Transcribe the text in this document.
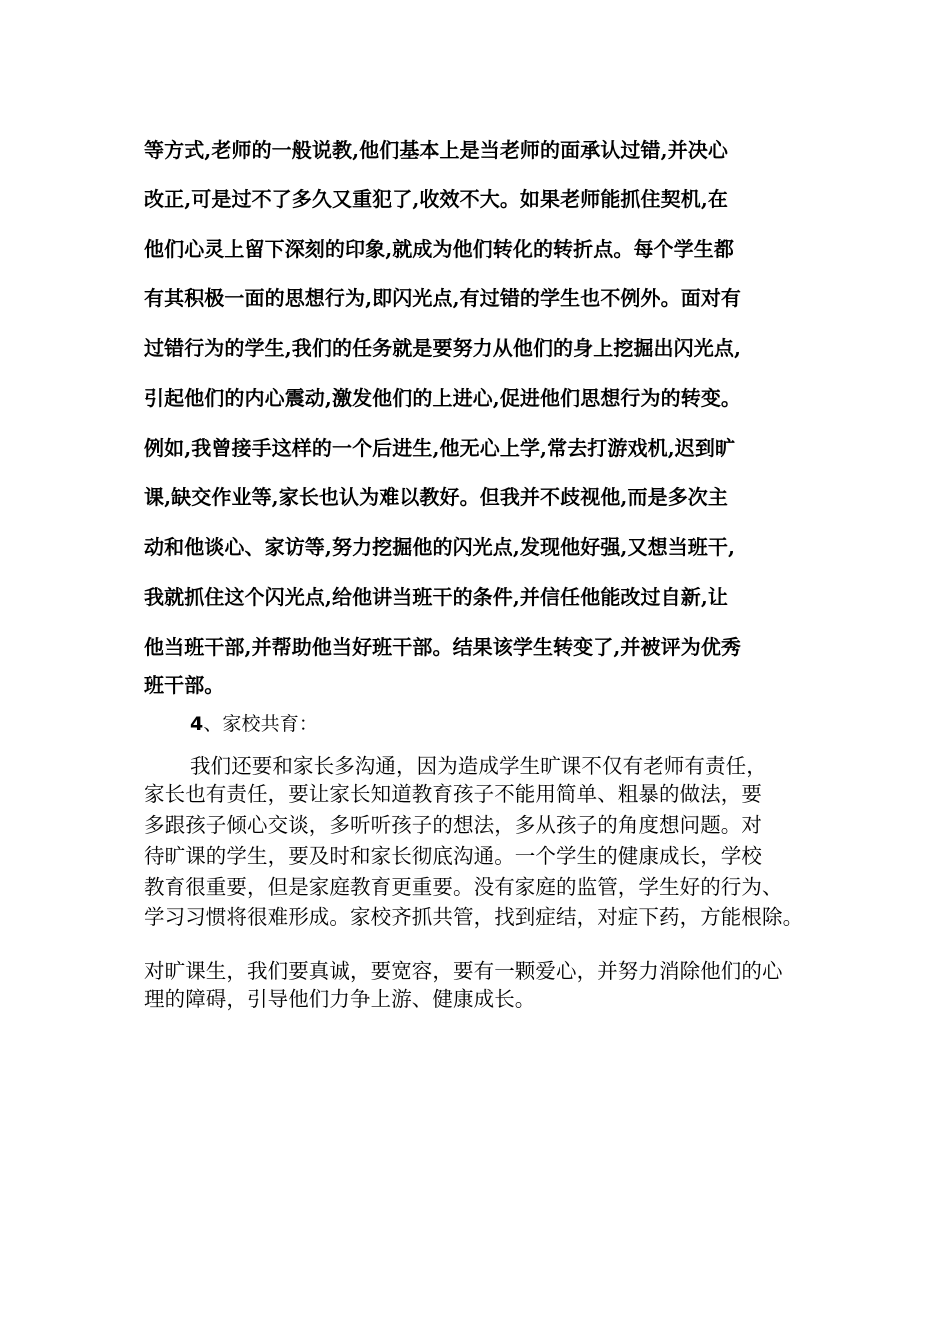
等方式,老师的一般说教,他们基本上是当老师的面承认过错,并决心
改正,可是过不了多久又重犯了,收效不大。如果老师能抓住契机,在
他们心灵上留下深刻的印象,就成为他们转化的转折点。每个学生都
有其积极一面的思想行为,即闪光点,有过错的学生也不例外。面对有
过错行为的学生,我们的任务就是要努力从他们的身上挖掘出闪光点,
引起他们的内心震动,激发他们的上进心,促进他们思想行为的转变。
例如,我曾接手这样的一个后进生,他无心上学,常去打游戏机,迟到旷
课,缺交作业等,家长也认为难以教好。但我并不歧视他,而是多次主
动和他谈心、家访等,努力挖掘他的闪光点,发现他好强,又想当班干,
我就抓住这个闪光点,给他讲当班干的条件,并信任他能改过自新,让
他当班干部,并帮助他当好班干部。结果该学生转变了,并被评为优秀
班干部。
4、家校共育：
我们还要和家长多沟通，因为造成学生旷课不仅有老师有责任，
家长也有责任，要让家长知道教育孩子不能用简单、粗暴的做法，要
多跟孩子倾心交谈，多听听孩子的想法，多从孩子的角度想问题。对
待旷课的学生，要及时和家长彻底沟通。一个学生的健康成长，学校
教育很重要，但是家庭教育更重要。没有家庭的监管，学生好的行为、
学习习惯将很难形成。家校齐抓共管，找到症结，对症下药，方能根除。
对旷课生，我们要真诚，要宽容，要有一颗爱心，并努力消除他们的心
理的障碍，引导他们力争上游、健康成长。
